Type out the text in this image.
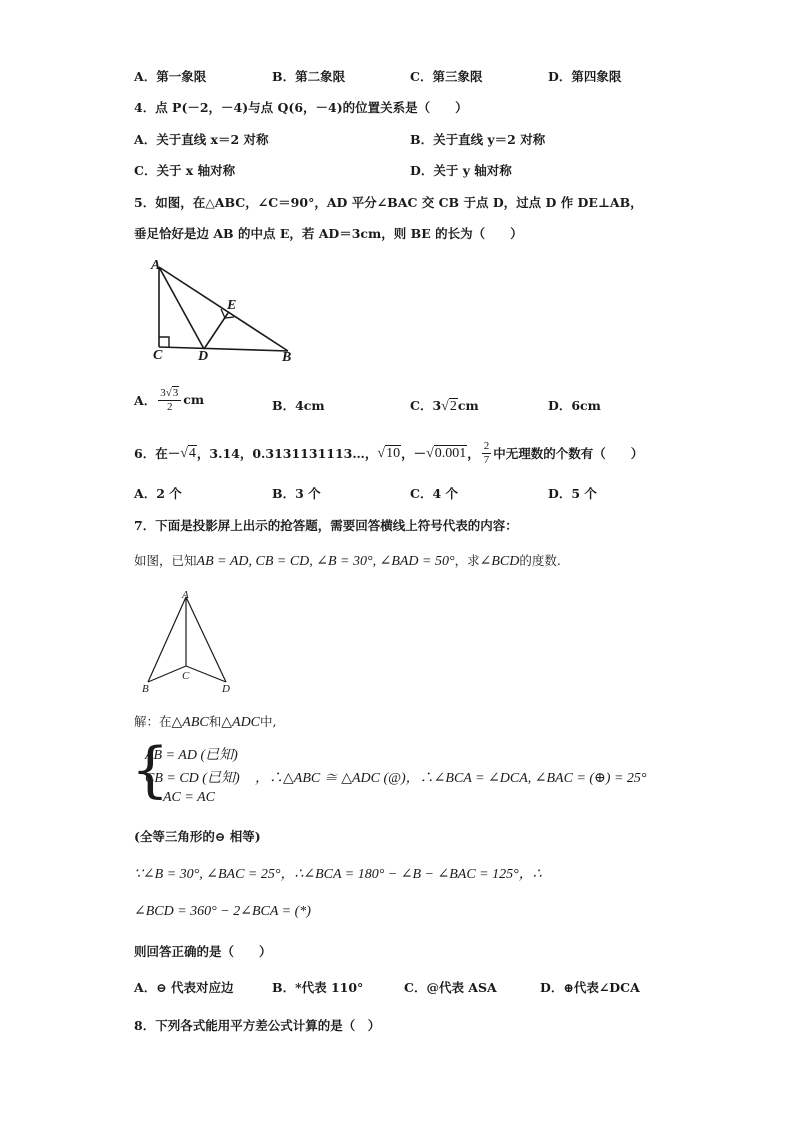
A．第一象限	B．第二象限	C．第三象限	D．第四象限
4．点 P(－2，－4)与点 Q(6，－4)的位置关系是（　　）
A．关于直线 x＝2 对称	B．关于直线 y＝2 对称
C．关于 x 轴对称	D．关于 y 轴对称
5．如图，在△ABC，∠C＝90°，AD 平分∠BAC 交 CB 于点 D，过点 D 作 DE⊥AB，
垂足恰好是边 AB 的中点 E，若 AD＝3cm，则 BE 的长为（　　）
A
E
C	D	B
A． $\frac{3√3}{2}$ cm	B．4cm	C．3√2cm	D．6cm
6．在－ √4 ，3.14，0.3131131113…， √10 ，－ √0.001 ， $\frac{2}{7}$ 中无理数的个数有（　　）
A．2 个	B．3 个	C．4 个	D．5 个
7．下面是投影屏上出示的抢答题，需要回答横线上符号代表的内容：
如图，已知AB = AD, CB = CD, ∠B = 30°, ∠BAD = 50°，求∠BCD的度数.
A
C
B	D
解：在△ABC和△ADC中,
{
AB = AD (已知)
CB = CD (已知)
AC = AC
，∴△ABC ≅ △ADC (@)，∴∠BCA = ∠DCA, ∠BAC = (⊕) = 25°
(全等三角形的⊖ 相等)
∵∠B = 30°, ∠BAC = 25°，∴∠BCA = 180° − ∠B − ∠BAC = 125°，∴
∠BCD = 360° − 2∠BCA = (*)
则回答正确的是（　　）
A．⊖ 代表对应边	B．*代表 110°	C．@代表 ASA	D．⊕代表∠DCA
8．下列各式能用平方差公式计算的是（　）
